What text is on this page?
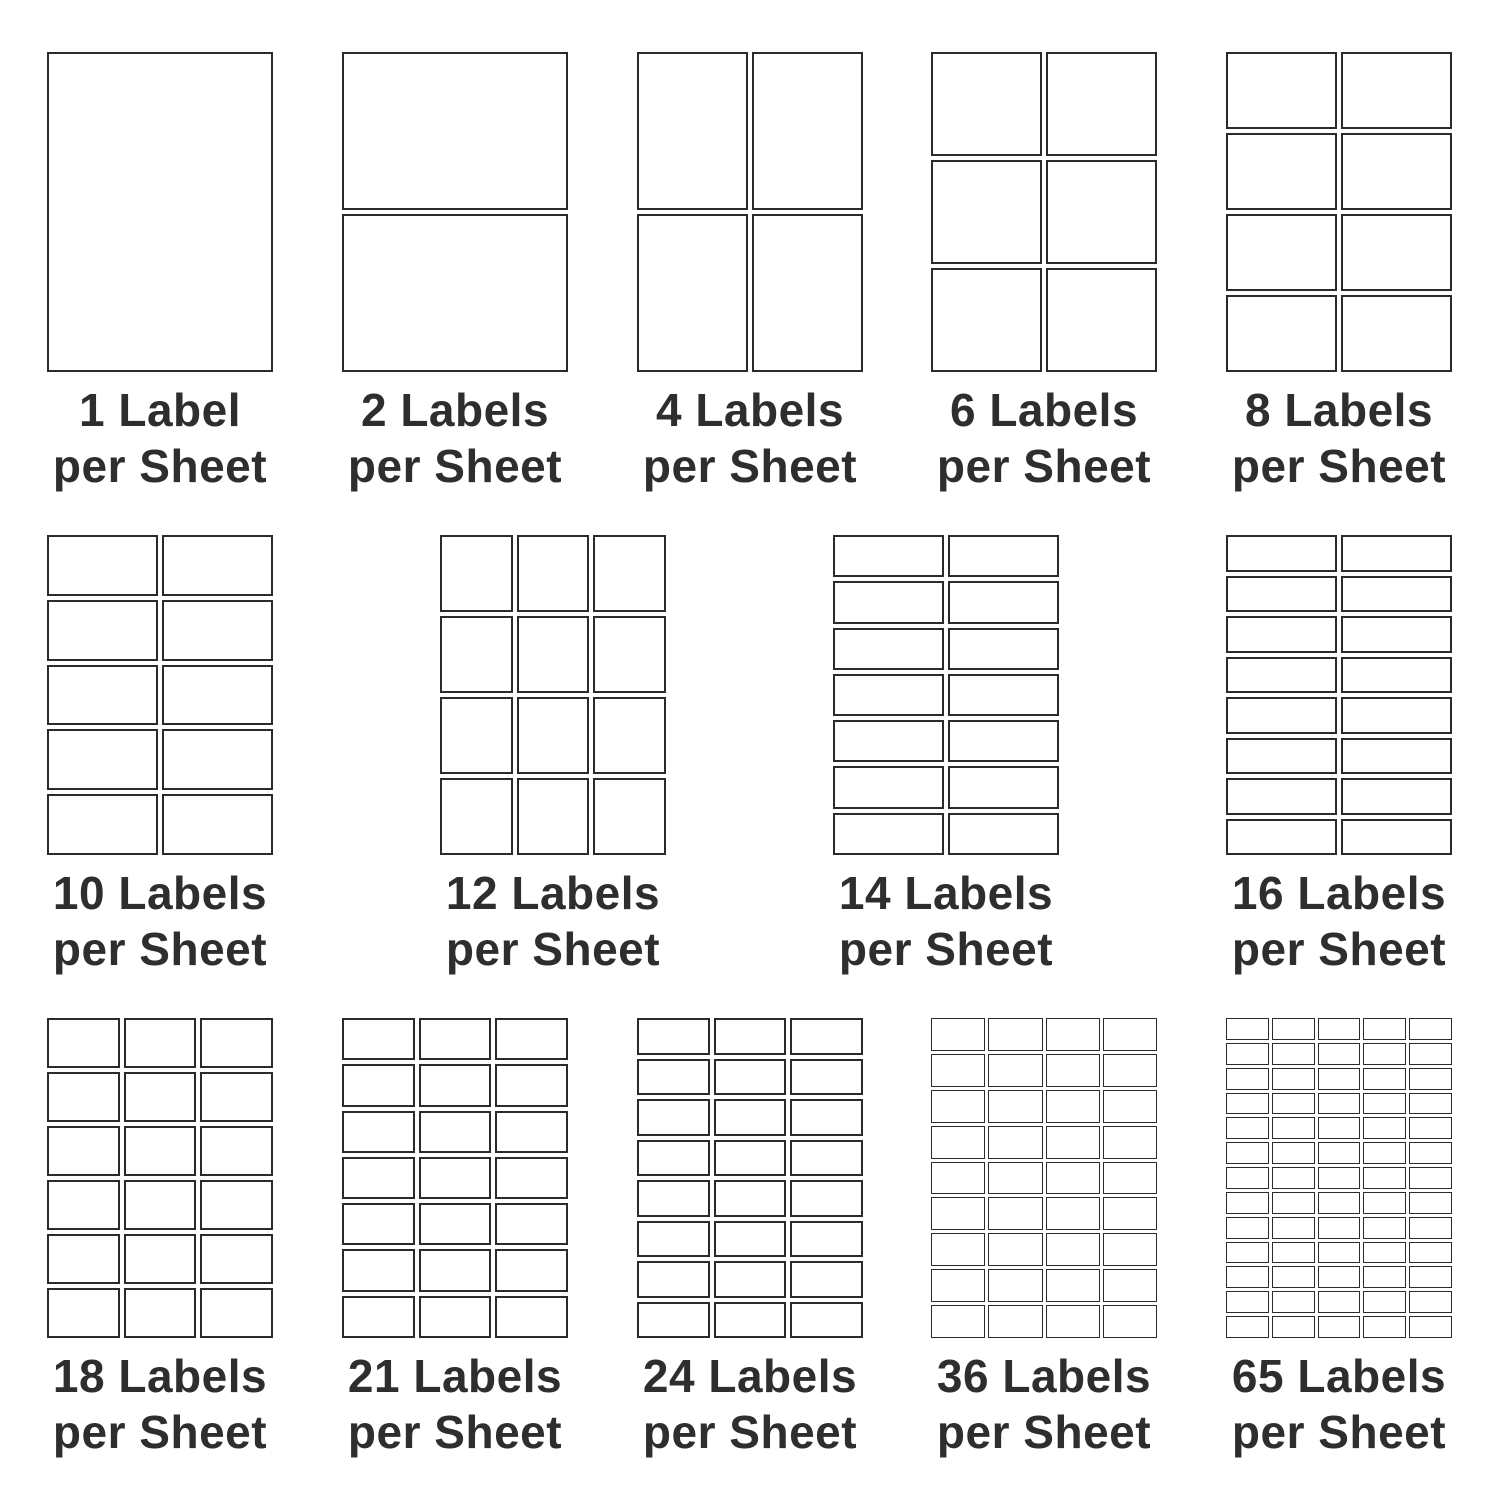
1 Label
per Sheet
2 Labels
per Sheet
4 Labels
per Sheet
6 Labels
per Sheet
8 Labels
per Sheet
10 Labels
per Sheet
12 Labels
per Sheet
14 Labels
per Sheet
16 Labels
per Sheet
18 Labels
per Sheet
21 Labels
per Sheet
24 Labels
per Sheet
36 Labels
per Sheet
65 Labels
per Sheet
